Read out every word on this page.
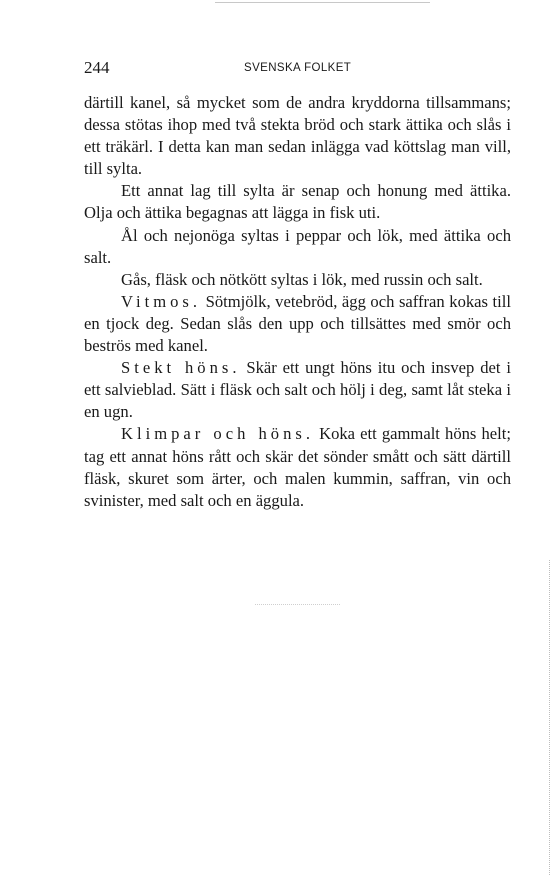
244	SVENSKA FOLKET

därtill kanel, så mycket som de andra kryddorna tillsammans; dessa stötas ihop med två stekta bröd och stark ättika och slås i ett träkärl. I detta kan man sedan inlägga vad köttslag man vill, till sylta.

Ett annat lag till sylta är senap och honung med ättika. Olja och ättika begagnas att lägga in fisk uti.

Ål och nejonöga syltas i peppar och lök, med ättika och salt.

Gås, fläsk och nötkött syltas i lök, med russin och salt.

Vitmos. Sötmjölk, vetebröd, ägg och saffran kokas till en tjock deg. Sedan slås den upp och tillsättes med smör och beströs med kanel.

Stekt höns. Skär ett ungt höns itu och insvep det i ett salvieblad. Sätt i fläsk och salt och hölj i deg, samt låt steka i en ugn.

Klimpar och höns. Koka ett gammalt höns helt; tag ett annat höns rått och skär det sönder smått och sätt därtill fläsk, skuret som ärter, och malen kummin, saffran, vin och svinister, med salt och en äggula.
